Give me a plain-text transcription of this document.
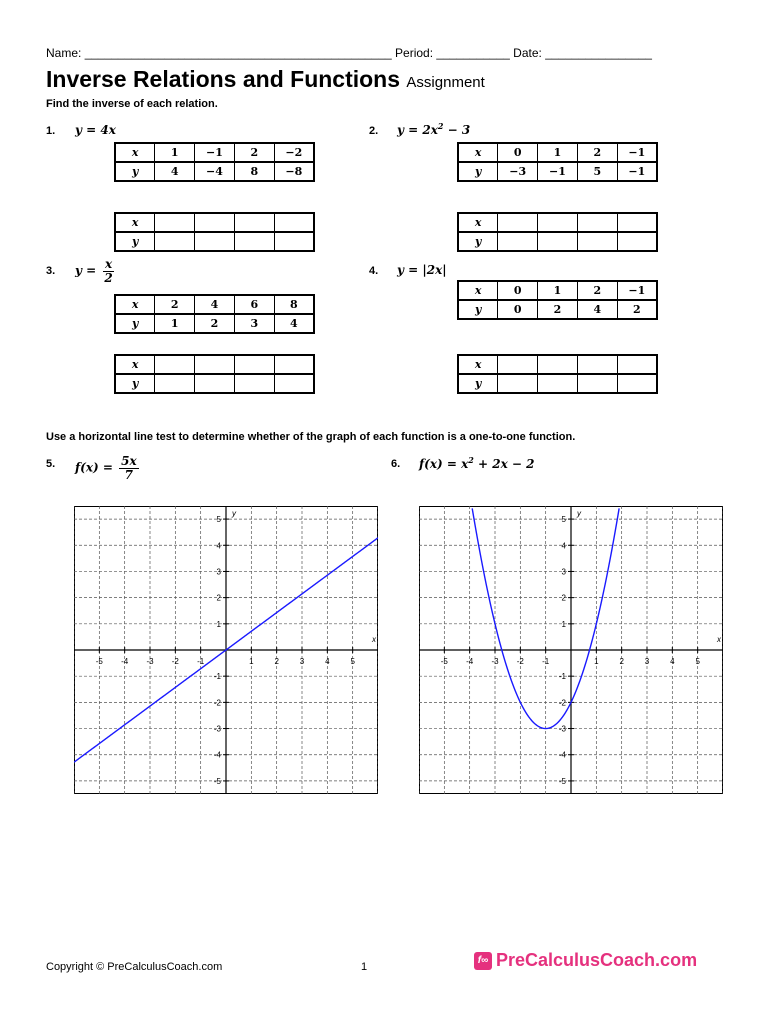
Name: ______________________________________________ Period: ___________ Date: ________________
Inverse Relations and Functions Assignment
Find the inverse of each relation.
1. y = 4x
x	1	−1	2	−2
y	4	−4	8	−8
x				
y				
2. $y = 2x^2 - 3$
x	0	1	2	−1
y	−3	−1	5	−1
x				
y				
3. $y = \frac{x}{2}$
x	2	4	6	8
y	1	2	3	4
x				
y				
4. y = |2x|
x	0	1	2	−1
y	0	2	4	2
x				
y				
Use a horizontal line test to determine whether of the graph of each function is a one-to-one function.
5. $f(x) = \frac{5x}{7}$	6. $f(x) = x^2 + 2x - 2$
-5 -4 -3 -2 -1	1	2	3	4	5
-5
-4
-3
-2
-1
1
2
3
4
5
x
y
-5 -4 -3 -2 -1	1	2	3	4	5
-5
-4
-3
-2
-1
1
2
3
4
5
x
y
Copyright © PreCalculusCoach.com	1
f∞ PreCalculusCoach.com
